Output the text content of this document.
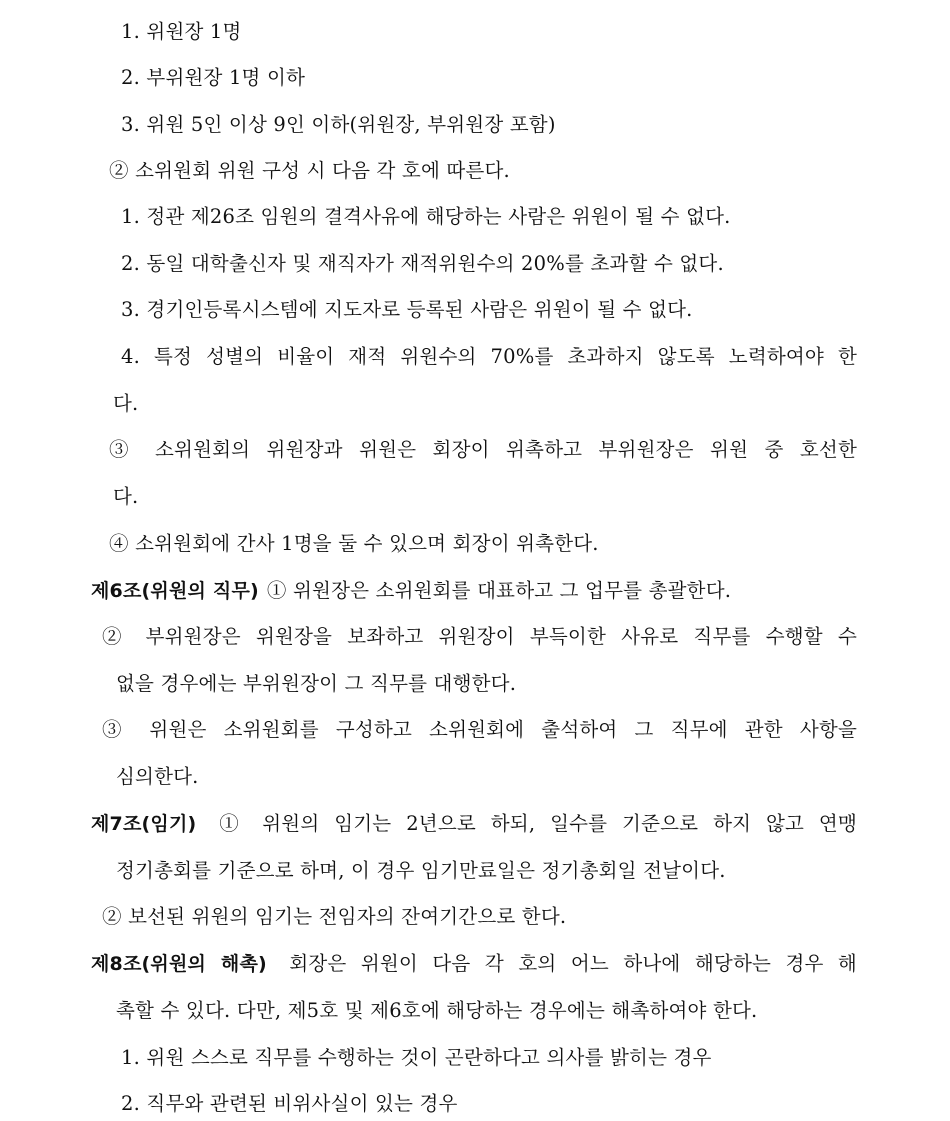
1. 위원장 1명
2. 부위원장 1명 이하
3. 위원 5인 이상 9인 이하(위원장, 부위원장 포함)
② 소위원회 위원 구성 시 다음 각 호에 따른다.
1. 정관 제26조 임원의 결격사유에 해당하는 사람은 위원이 될 수 없다.
2. 동일 대학출신자 및 재직자가 재적위원수의 20%를 초과할 수 없다.
3. 경기인등록시스템에 지도자로 등록된 사람은 위원이 될 수 없다.
4. 특정 성별의 비율이 재적 위원수의 70%를 초과하지 않도록 노력하여야 한
다.
③ 소위원회의 위원장과 위원은 회장이 위촉하고 부위원장은 위원 중 호선한
다.
④ 소위원회에 간사 1명을 둘 수 있으며 회장이 위촉한다.
제6조(위원의 직무) ① 위원장은 소위원회를 대표하고 그 업무를 총괄한다.
② 부위원장은 위원장을 보좌하고 위원장이 부득이한 사유로 직무를 수행할 수
없을 경우에는 부위원장이 그 직무를 대행한다.
③ 위원은 소위원회를 구성하고 소위원회에 출석하여 그 직무에 관한 사항을
심의한다.
제7조(임기) ① 위원의 임기는 2년으로 하되, 일수를 기준으로 하지 않고 연맹
정기총회를 기준으로 하며, 이 경우 임기만료일은 정기총회일 전날이다.
② 보선된 위원의 임기는 전임자의 잔여기간으로 한다.
제8조(위원의 해촉) 회장은 위원이 다음 각 호의 어느 하나에 해당하는 경우 해
촉할 수 있다. 다만, 제5호 및 제6호에 해당하는 경우에는 해촉하여야 한다.
1. 위원 스스로 직무를 수행하는 것이 곤란하다고 의사를 밝히는 경우
2. 직무와 관련된 비위사실이 있는 경우
